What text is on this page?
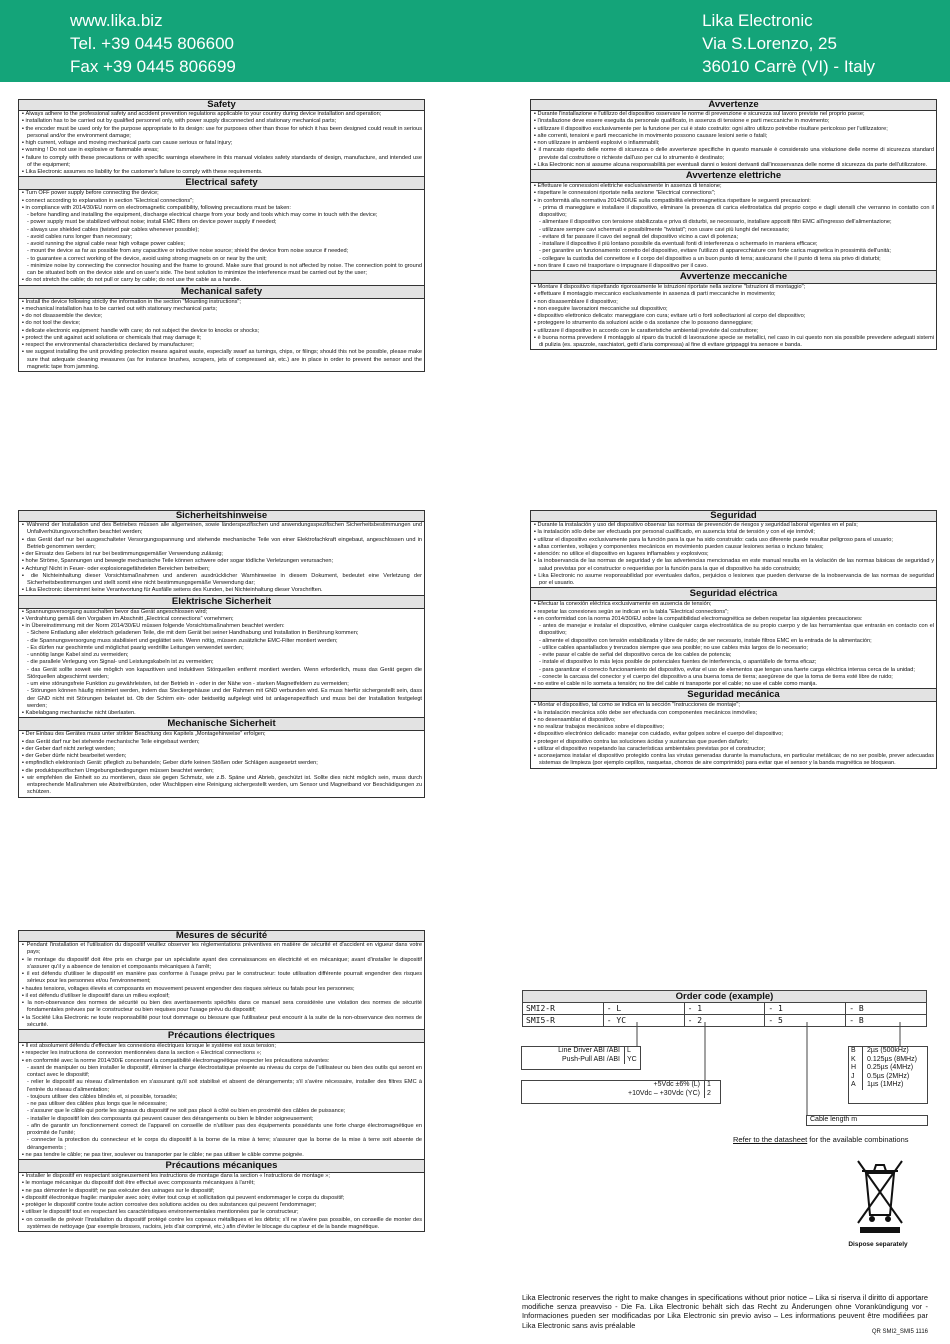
www.lika.biz
Tel. +39 0445 806600
Fax +39 0445 806699
Lika Electronic
Via S.Lorenzo, 25
36010 Carrè (VI) - Italy
Safety
▪ Always adhere to the professional safety and accident prevention regulations applicable to your country during device installation and operation;
▪ installation has to be carried out by qualified personnel only, with power supply disconnected and stationary mechanical parts;
▪ the encoder must be used only for the purpose appropriate to its design: use for purposes other than those for which it has been designed could result in serious personal and/or the environment damage;
▪ high current, voltage and moving mechanical parts can cause serious or fatal injury;
▪ warning ! Do not use in explosive or flammable areas;
▪ failure to comply with these precautions or with specific warnings elsewhere in this manual violates safety standards of design, manufacture, and intended use of the equipment;
▪ Lika Electronic assumes no liability for the customer's failure to comply with these requirements.
Electrical safety
▪ Turn OFF power supply before connecting the device;
▪ connect according to explanation in section "Electrical connections";
▪ in compliance with 2014/30/EU norm on electromagnetic compatibility, following precautions must be taken:
- before handling and installing the equipment, discharge electrical charge from your body and tools which may come in touch with the device;
- power supply must be stabilized without noise; install EMC filters on device power supply if needed;
- always use shielded cables (twisted pair cables whenever possible);
- avoid cables runs longer than necessary;
- avoid running the signal cable near high voltage power cables;
- mount the device as far as possible from any capacitive or inductive noise source; shield the device from noise source if needed;
- to guarantee a correct working of the device, avoid using strong magnets on or near by the unit;
- minimize noise by connecting the connector housing and the frame to ground. Make sure that ground is not affected by noise. The connection point to ground can be situated both on the device side and on user's side. The best solution to minimize the interference must be carried out by the user;
▪ do not stretch the cable; do not pull or carry by cable; do not use the cable as a handle.
Mechanical safety
▪ Install the device following strictly the information in the section "Mounting instructions";
▪ mechanical installation has to be carried out with stationary mechanical parts;
▪ do not disassemble the device;
▪ do not tool the device;
▪ delicate electronic equipment: handle with care; do not subject the device to knocks or shocks;
▪ protect the unit against acid solutions or chemicals that may damage it;
▪ respect the environmental characteristics declared by manufacturer;
▪ we suggest installing the unit providing protection means against waste, especially swarf as turnings, chips, or filings; should this not be possible, please make sure that adequate cleaning measures (as for instance brushes, scrapers, jets of compressed air, etc.) are in place in order to prevent the sensor and the magnetic tape from jamming.
Avvertenze
▪ Durante l'installazione e l'utilizzo del dispositivo osservare le norme di prevenzione e sicurezza sul lavoro previste nel proprio paese;
▪ l'installazione deve essere eseguita da personale qualificato, in assenza di tensione e parti meccaniche in movimento;
▪ utilizzare il dispositivo esclusivamente per la funzione per cui è stato costruito: ogni altro utilizzo potrebbe risultare pericoloso per l'utilizzatore;
▪ alte correnti, tensioni e parti meccaniche in movimento possono causare lesioni serie o fatali;
▪ non utilizzare in ambienti esplosivi o infiammabili;
▪ il mancato rispetto delle norme di sicurezza o delle avvertenze specifiche in questo manuale è considerato una violazione delle norme di sicurezza standard previste dal costruttore o richieste dall'uso per cui lo strumento è destinato;
▪ Lika Electronic non si assume alcuna responsabilità per eventuali danni o lesioni derivanti dall'inosservanza delle norme di sicurezza da parte dell'utilizzatore.
Avvertenze elettriche
▪ Effettuare le connessioni elettriche esclusivamente in assenza di tensione;
▪ rispettare le connessioni riportate nella sezione "Electrical connections";
▪ in conformità alla normativa 2014/30/UE sulla compatibilità elettromagnetica rispettare le seguenti precauzioni:
- prima di maneggiare e installare il dispositivo, eliminare la presenza di carica elettrostatica dal proprio corpo e dagli utensili che verranno in contatto con il dispositivo;
- alimentare il dispositivo con tensione stabilizzata e priva di disturbi, se necessario, installare appositi filtri EMC all'ingresso dell'alimentazione;
- utilizzare sempre cavi schermati e possibilmente "twistati"; non usare cavi più lunghi del necessario;
- evitare di far passare il cavo dei segnali del dispositivo vicino a cavi di potenza;
- installare il dispositivo il più lontano possibile da eventuali fonti di interferenza o schermarlo in maniera efficace;
- per garantire un funzionamento corretto del dispositivo, evitare l'utilizzo di apparecchiature con forte carica magnetica in prossimità dell'unità;
- collegare la custodia del connettore e il corpo del dispositivo a un buon punto di terra; assicurarsi che il punto di terra sia privo di disturbi;
▪ non tirare il cavo né trasportare o impugnare il dispositivo per il cavo.
Avvertenze meccaniche
▪ Montare il dispositivo rispettando rigorosamente le istruzioni riportate nella sezione "Istruzioni di montaggio";
▪ effettuare il montaggio meccanico esclusivamente in assenza di parti meccaniche in movimento;
▪ non disassemblare il dispositivo;
▪ non eseguire lavorazioni meccaniche sul dispositivo;
▪ dispositivo elettronico delicato: maneggiare con cura; evitare urti o forti sollecitazioni al corpo del dispositivo;
▪ proteggere lo strumento da soluzioni acide o da sostanze che lo possono danneggiare;
▪ utilizzare il dispositivo in accordo con le caratteristiche ambientali previste dal costruttore;
▪ è buona norma prevedere il montaggio al riparo da trucioli di lavorazione specie se metallici, nel caso in cui questo non sia possibile prevedere adeguati sistemi di pulizia (es. spazzole, raschiatori, getti d'aria compressa) al fine di evitare grippaggi tra sensore e banda.
Sicherheitshinweise
▪ Während der Installation und des Betriebes müssen alle allgemeinen, sowie länderspezifischen und anwendungsspezifischen Sicherheitsbestimmungen und Unfallverhütungsvorschriften beachtet werden;
▪ das Gerät darf nur bei ausgeschalteter Versorgungsspannung und stehende mechanische Teile von einer Elektrofachkraft eingebaut, angeschlossen und in Betrieb genommen werden;
▪ der Einsatz des Gebers ist nur bei bestimmungsgemäßer Verwendung zulässig;
▪ hohe Ströme, Spannungen und bewegte mechanische Teile können schwere oder sogar tödliche Verletzungen verursachen;
▪ Achtung! Nicht in Feuer- oder explosionsgefährdeten Bereichen betreiben;
▪ die Nichteinhaltung dieser Vorsichtsmaßnahmen und anderen ausdrücklicher Warnhinweise in diesem Dokument, bedeutet eine Verletzung der Sicherheitsbestimmungen und stellt somit eine nicht bestimmungsgemäße Verwendung dar;
▪ Lika Electronic übernimmt keine Verantwortung für Ausfälle seitens des Kunden, bei Nichteinhaltung dieser Vorschriften.
Elektrische Sicherheit
▪ Spannungsversorgung ausschalten bevor das Gerät angeschlossen wird;
▪ Verdrahtung gemäß den Vorgaben im Abschnitt „Electrical connections“ vornehmen;
▪ in Übereinstimmung mit der Norm 2014/30/EU müssen folgende Vorsichtsmaßnahmen beachtet werden:
- Sichere Entladung aller elektrisch geladenen Teile, die mit dem Gerät bei seiner Handhabung und Installation in Berührung kommen;
- die Spannungsversorgung muss stabilisiert und geglättet sein. Wenn nötig, müssen zusätzliche EMC-Filter montiert werden;
- Es dürfen nur geschirmte und möglichst paarig verdrillte Leitungen verwendet werden;
- unnötig lange Kabel sind zu vermeiden;
- die parallele Verlegung von Signal- und Leistungskabeln ist zu vermeiden;
- das Gerät sollte soweit wie möglich von kapazitiven und induktiven Störquellen entfernt montiert werden. Wenn erforderlich, muss das Gerät gegen die Störquellen abgeschirmt werden;
- um eine störungsfreie Funktion zu gewährleisten, ist der Betrieb in - oder in der Nähe von - starken Magnetfeldern zu vermeiden;
- Störungen können häufig minimiert werden, indem das Steckergehäuse und der Rahmen mit GND verbunden wird. Es muss hierfür sichergestellt sein, dass der GND nicht mit Störungen belastet ist. Ob der Schirm ein- oder beidseitig aufgelegt wird ist anlagenspezifisch und muss bei der Installation festgelegt werden;
▪ Kabelabgang mechanische nicht überlasten.
Mechanische Sicherheit
▪ Der Einbau des Gerätes muss unter strikter Beachtung des Kapitels „Montagehinweise“ erfolgen;
▪ das Gerät darf nur bei stehende mechanische Teile eingebaut werden;
▪ der Geber darf nicht zerlegt werden;
▪ der Geber dürfe nicht bearbeitet werden;
▪ empfindlich elektronisch Gerät: pfleglich zu behandeln; Geber dürfe keinen Stößen oder Schlägen ausgesetzt werden;
▪ die produktspezifischen Umgebungsbedingungen müssen beachtet werden;
▪ wir empfehlen die Einheit so zu montieren, dass sie gegen Schmutz, wie z.B. Späne und Abrieb, geschützt ist. Sollte dies nicht möglich sein, muss durch entsprechende Maßnahmen wie Abstreifbürsten, oder Wischlippen eine Reinigung sichergestellt werden, um Sensor und Magnetband vor Beschädigungen zu schützen.
Seguridad
▪ Durante la instalación y uso del dispositivo observar las normas de prevención de riesgos y seguridad laboral vigentes en el país;
▪ la instalación sólo debe ser efectuada por personal cualificado, en ausencia total de tensión y con el eje inmóvil;
▪ utilizar el dispositivo exclusivamente para la función para la que ha sido construido: cada uso diferente puede resultar peligroso para el usuario;
▪ altas corrientes, voltajes y componentes mecánicos en movimiento pueden causar lesiones serias o incluso fatales;
▪ atención: no utilice el dispositivo en lugares inflamables y explosivos;
▪ la inobservancia de las normas de seguridad y de las advertencias mencionadas en este manual resulta en la violación de las normas básicas de seguridad y salud previstas por el constructor o requeridas por la función para la que el dispositivo ha sido construido;
▪ Lika Electronic no asume responsabilidad por eventuales daños, perjuicios o lesiones que pueden derivarse de la inobservancia de las normas de seguridad por el usuario.
Seguridad eléctrica
▪ Efectuar la conexión eléctrica exclusivamente en ausencia de tensión;
▪ respetar las conexiones según se indican en la tabla "Electrical connections";
▪ en conformidad con la norma 2014/30/EU sobre la compatibilidad electromagnética se deben respetar las siguientes precauciones:
- antes de manejar e instalar el dispositivo, elimine cualquier carga electrostática de su propio cuerpo y de las herramientas que entrarán en contacto con el dispositivo;
- alimente el dispositivo con tensión estabilizada y libre de ruido; de ser necesario, instale filtros EMC en la entrada de la alimentación;
- utilice cables apantallados y trenzados siempre que sea posible; no use cables más largos de lo necesario;
- evite pasar el cable de señal del dispositivo cerca de los cables de potencia;
- instale el dispositivo lo más lejos posible de potenciales fuentes de interferencia, o apantállelo de forma eficaz;
- para garantizar el correcto funcionamiento del dispositivo, evitar el uso de elementos que tengan una fuerte carga eléctrica intensa cerca de la unidad;
- conecte la carcasa del conector y el cuerpo del dispositivo a una buena toma de tierra; asegúrese de que la toma de tierra esté libre de ruido;
▪ no estire el cable ni lo someta a tensión; no tire del cable ni transporte por el cable; no use el cable como manija.
Seguridad mecánica
▪ Montar el dispositivo, tal como se indica en la sección "Instrucciones de montaje";
▪ la instalación mecánica sólo debe ser efectuada con componentes mecánicos inmóviles;
▪ no desensamblar el dispositivo;
▪ no realizar trabajos mecánicos sobre el dispositivo;
▪ dispositivo electrónico delicado: manejar con cuidado, evitar golpes sobre el cuerpo del dispositivo;
▪ proteger el dispositivo contra las soluciones ácidas y sustancias que pueden dañarlo;
▪ utilizar el dispositivo respetando las características ambientales previstas por el constructor;
▪ aconsejamos instalar el dispositivo protegido contra las virutas generadas durante la manufactura, en particular metálicas; de no ser posible, prever adecuadas sistemas de limpieza (por ejemplo cepillos, rasquetas, chorros de aire comprimido) para evitar que el sensor y la banda magnética se bloquean.
Mesures de sécurité
▪ Pendant l'installation et l'utilisation du dispositif veuillez observer les réglementations préventives en matière de sécurité et d'accident en vigueur dans votre pays;
▪ le montage du dispositif doit être pris en charge par un spécialiste ayant des connaissances en électricité et en mécanique; avant d'installer le dispositif s'assurer qu'il y a absence de tension et composants mécaniques à l'arrêt;
▪ il est défendu d'utiliser le dispositif en manière pas conforme à l'usage prévu par le constructeur: toute utilisation différente pourrait engendrer des risques sérieux pour les personnes et/ou l'environnement;
▪ hautes tensions, voltages élevés et composants en mouvement peuvent engendrer des risques sérieux ou fatals pour les personnes;
▪ il est défendu d'utiliser le dispositif dans un milieu explosif;
▪ la non-observance des normes de sécurité ou bien des avertissements spécifiés dans ce manuel sera considérée une violation des normes de sécurité fondamentales prévues par le constructeur ou bien requises pour l'usage prévu du dispositif;
▪ la Société Lika Electronic ne toute responsabilité pour tout dommage ou blessure que l'utilisateur peut encourir à la suite de la non-observance des normes de sécurité.
Précautions électriques
▪ Il est absolument défendu d'effectuer les connexions électriques lorsque le système est sous tension;
▪ respecter les instructions de connexion mentionnées dans la section « Electrical connections »;
▪ en conformité avec la norme 2014/30/E concernant la compatibilité électromagnétique respecter les précautions suivantes:
- avant de manipuler ou bien installer le dispositif, éliminer la charge électrostatique présente au niveau du corps de l'utilisateur ou bien des outils qui seront en contact avec le dispositif;
- relier le dispositif au réseau d'alimentation en s'assurant qu'il soit stabilisé et absent de dérangements; s'il s'avère nécessaire, installer des filtres EMC à l'entrée du réseau d'alimentation;
- toujours utiliser des câbles blindés et, si possible, torsadés;
- ne pas utiliser des câbles plus longs que le nécessaire;
- s'assurer que le câble qui porte les signaux du dispositif ne soit pas placé à côté ou bien en proximité des câbles de puissance;
- installer le dispositif loin des composants qui peuvent causer des dérangements ou bien le blinder soigneusement;
- afin de garantir un fonctionnement correct de l'appareil on conseille de n'utiliser pas des équipements possédants une forte charge électromagnétique en proximité de l'unité;
- connecter la protection du connecteur et le corps du dispositif à la borne de la mise à terre; s'assurer que la borne de la mise à terre soit absente de dérangements ;
▪ ne pas tendre le câble; ne pas tirer, soulever ou transporter par le câble; ne pas utiliser le câble comme poignée.
Précautions mécaniques
▪ Installer le dispositif en respectant soigneusement les instructions de montage dans la section « Instructions de montage »;
▪ le montage mécanique du dispositif doit être effectué avec composants mécaniques à l'arrêt;
▪ ne pas démonter le dispositif; ne pas exécuter des usinages sur le dispositif;
▪ dispositif électronique fragile: manipuler avec soin; éviter tout coup et sollicitation qui peuvent endommager le corps du dispositif;
▪ protéger le dispositif contre toute action corrosive des solutions acides ou des substances qui peuvent l'endommager;
▪ utiliser le dispositif tout en respectant les caractéristiques environnementales mentionnées par le constructeur;
▪ on conseille de prévoir l'installation du dispositif protégé contre les copeaux métalliques et les débris; s'il ne s'avère pas possible, on conseille de monter des systèmes de nettoyage (par exemple brosses, racloirs, jets d'air comprimé, etc.) afin d'éviter le blocage du capteur et de la bande magnétique.
Order code (example)
SMI2-R	- L	- 1	- 1	- B
SMI5-R	- YC	- 2	- 5	- B
Line Driver ABI /ABI	L
Push-Pull ABI /ABI	YC
+5Vdc ±6% (L)	1
+10Vdc – +30Vdc (YC)	2
B	2µs (500kHz)
K	0.125µs (8MHz)
H	0.25µs (4MHz)
J	0.5µs (2MHz)
A	1µs (1MHz)
Cable length m
Refer to the datasheet for the available combinations
Dispose separately
Lika Electronic reserves the right to make changes in specifications without prior notice – Lika si riserva il diritto di apportare modifiche senza preavviso - Die Fa. Lika Electronic behält sich das Recht zu Änderungen ohne Vorankündigung vor - Informaciones pueden ser modificadas por Lika Electronic sin previo aviso – Les informations peuvent être modifiées par Lika Electronic sans avis préalable
QR SMI2_SMI5 1116
